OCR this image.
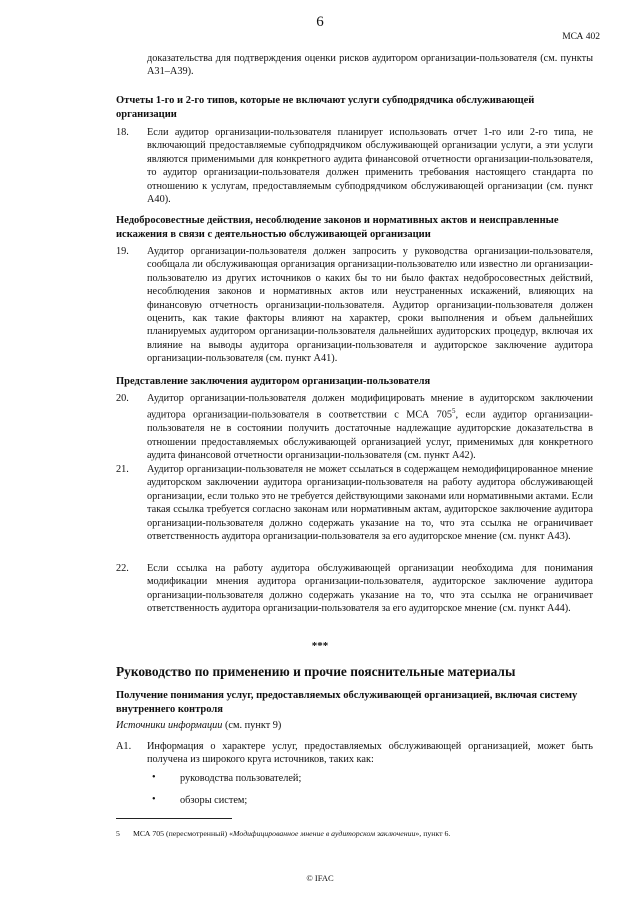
6
МСА 402
доказательства для подтверждения оценки рисков аудитором организации-пользователя (см. пункты А31–А39).
Отчеты 1-го и 2-го типов, которые не включают услуги субподрядчика обслуживающей организации
18. Если аудитор организации-пользователя планирует использовать отчет 1-го или 2-го типа, не включающий предоставляемые субподрядчиком обслуживающей организации услуги, а эти услуги являются применимыми для конкретного аудита финансовой отчетности организации-пользователя, то аудитор организации-пользователя должен применить требования настоящего стандарта по отношению к услугам, предоставляемым субподрядчиком обслуживающей организации (см. пункт А40).
Недобросовестные действия, несоблюдение законов и нормативных актов и неисправленные искажения в связи с деятельностью обслуживающей организации
19. Аудитор организации-пользователя должен запросить у руководства организации-пользователя, сообщала ли обслуживающая организация организации-пользователю или известно ли организации-пользователю из других источников о каких бы то ни было фактах недобросовестных действий, несоблюдения законов и нормативных актов или неустраненных искажений, влияющих на финансовую отчетность организации-пользователя. Аудитор организации-пользователя должен оценить, как такие факторы влияют на характер, сроки выполнения и объем дальнейших планируемых аудитором организации-пользователя дальнейших аудиторских процедур, включая их влияние на выводы аудитора организации-пользователя и аудиторское заключение аудитора организации-пользователя (см. пункт А41).
Представление заключения аудитором организации-пользователя
20. Аудитор организации-пользователя должен модифицировать мнение в аудиторском заключении аудитора организации-пользователя в соответствии с МСА $705^5$, если аудитор организации-пользователя не в состоянии получить достаточные надлежащие аудиторские доказательства в отношении предоставляемых обслуживающей организацией услуг, применимых для конкретного аудита финансовой отчетности организации-пользователя (см. пункт А42).
21. Аудитор организации-пользователя не может ссылаться в содержащем немодифицированное мнение аудиторском заключении аудитора организации-пользователя на работу аудитора обслуживающей организации, если только это не требуется действующими законами или нормативными актами. Если такая ссылка требуется согласно законам или нормативным актам, аудиторское заключение аудитора организации-пользователя должно содержать указание на то, что эта ссылка не ограничивает ответственность аудитора организации-пользователя за его аудиторское мнение (см. пункт А43).
22. Если ссылка на работу аудитора обслуживающей организации необходима для понимания модификации мнения аудитора организации-пользователя, аудиторское заключение аудитора организации-пользователя должно содержать указание на то, что эта ссылка не ограничивает ответственность аудитора организации-пользователя за его аудиторское мнение (см. пункт А44).
***
Руководство по применению и прочие пояснительные материалы
Получение понимания услуг, предоставляемых обслуживающей организацией, включая систему внутреннего контроля
Источники информации (см. пункт 9)
А1. Информация о характере услуг, предоставляемых обслуживающей организацией, может быть получена из широкого круга источников, таких как:
• руководства пользователей;
• обзоры систем;
5 МСА 705 (пересмотренный) «Модифицированное мнение в аудиторском заключении», пункт 6.
© IFAC
